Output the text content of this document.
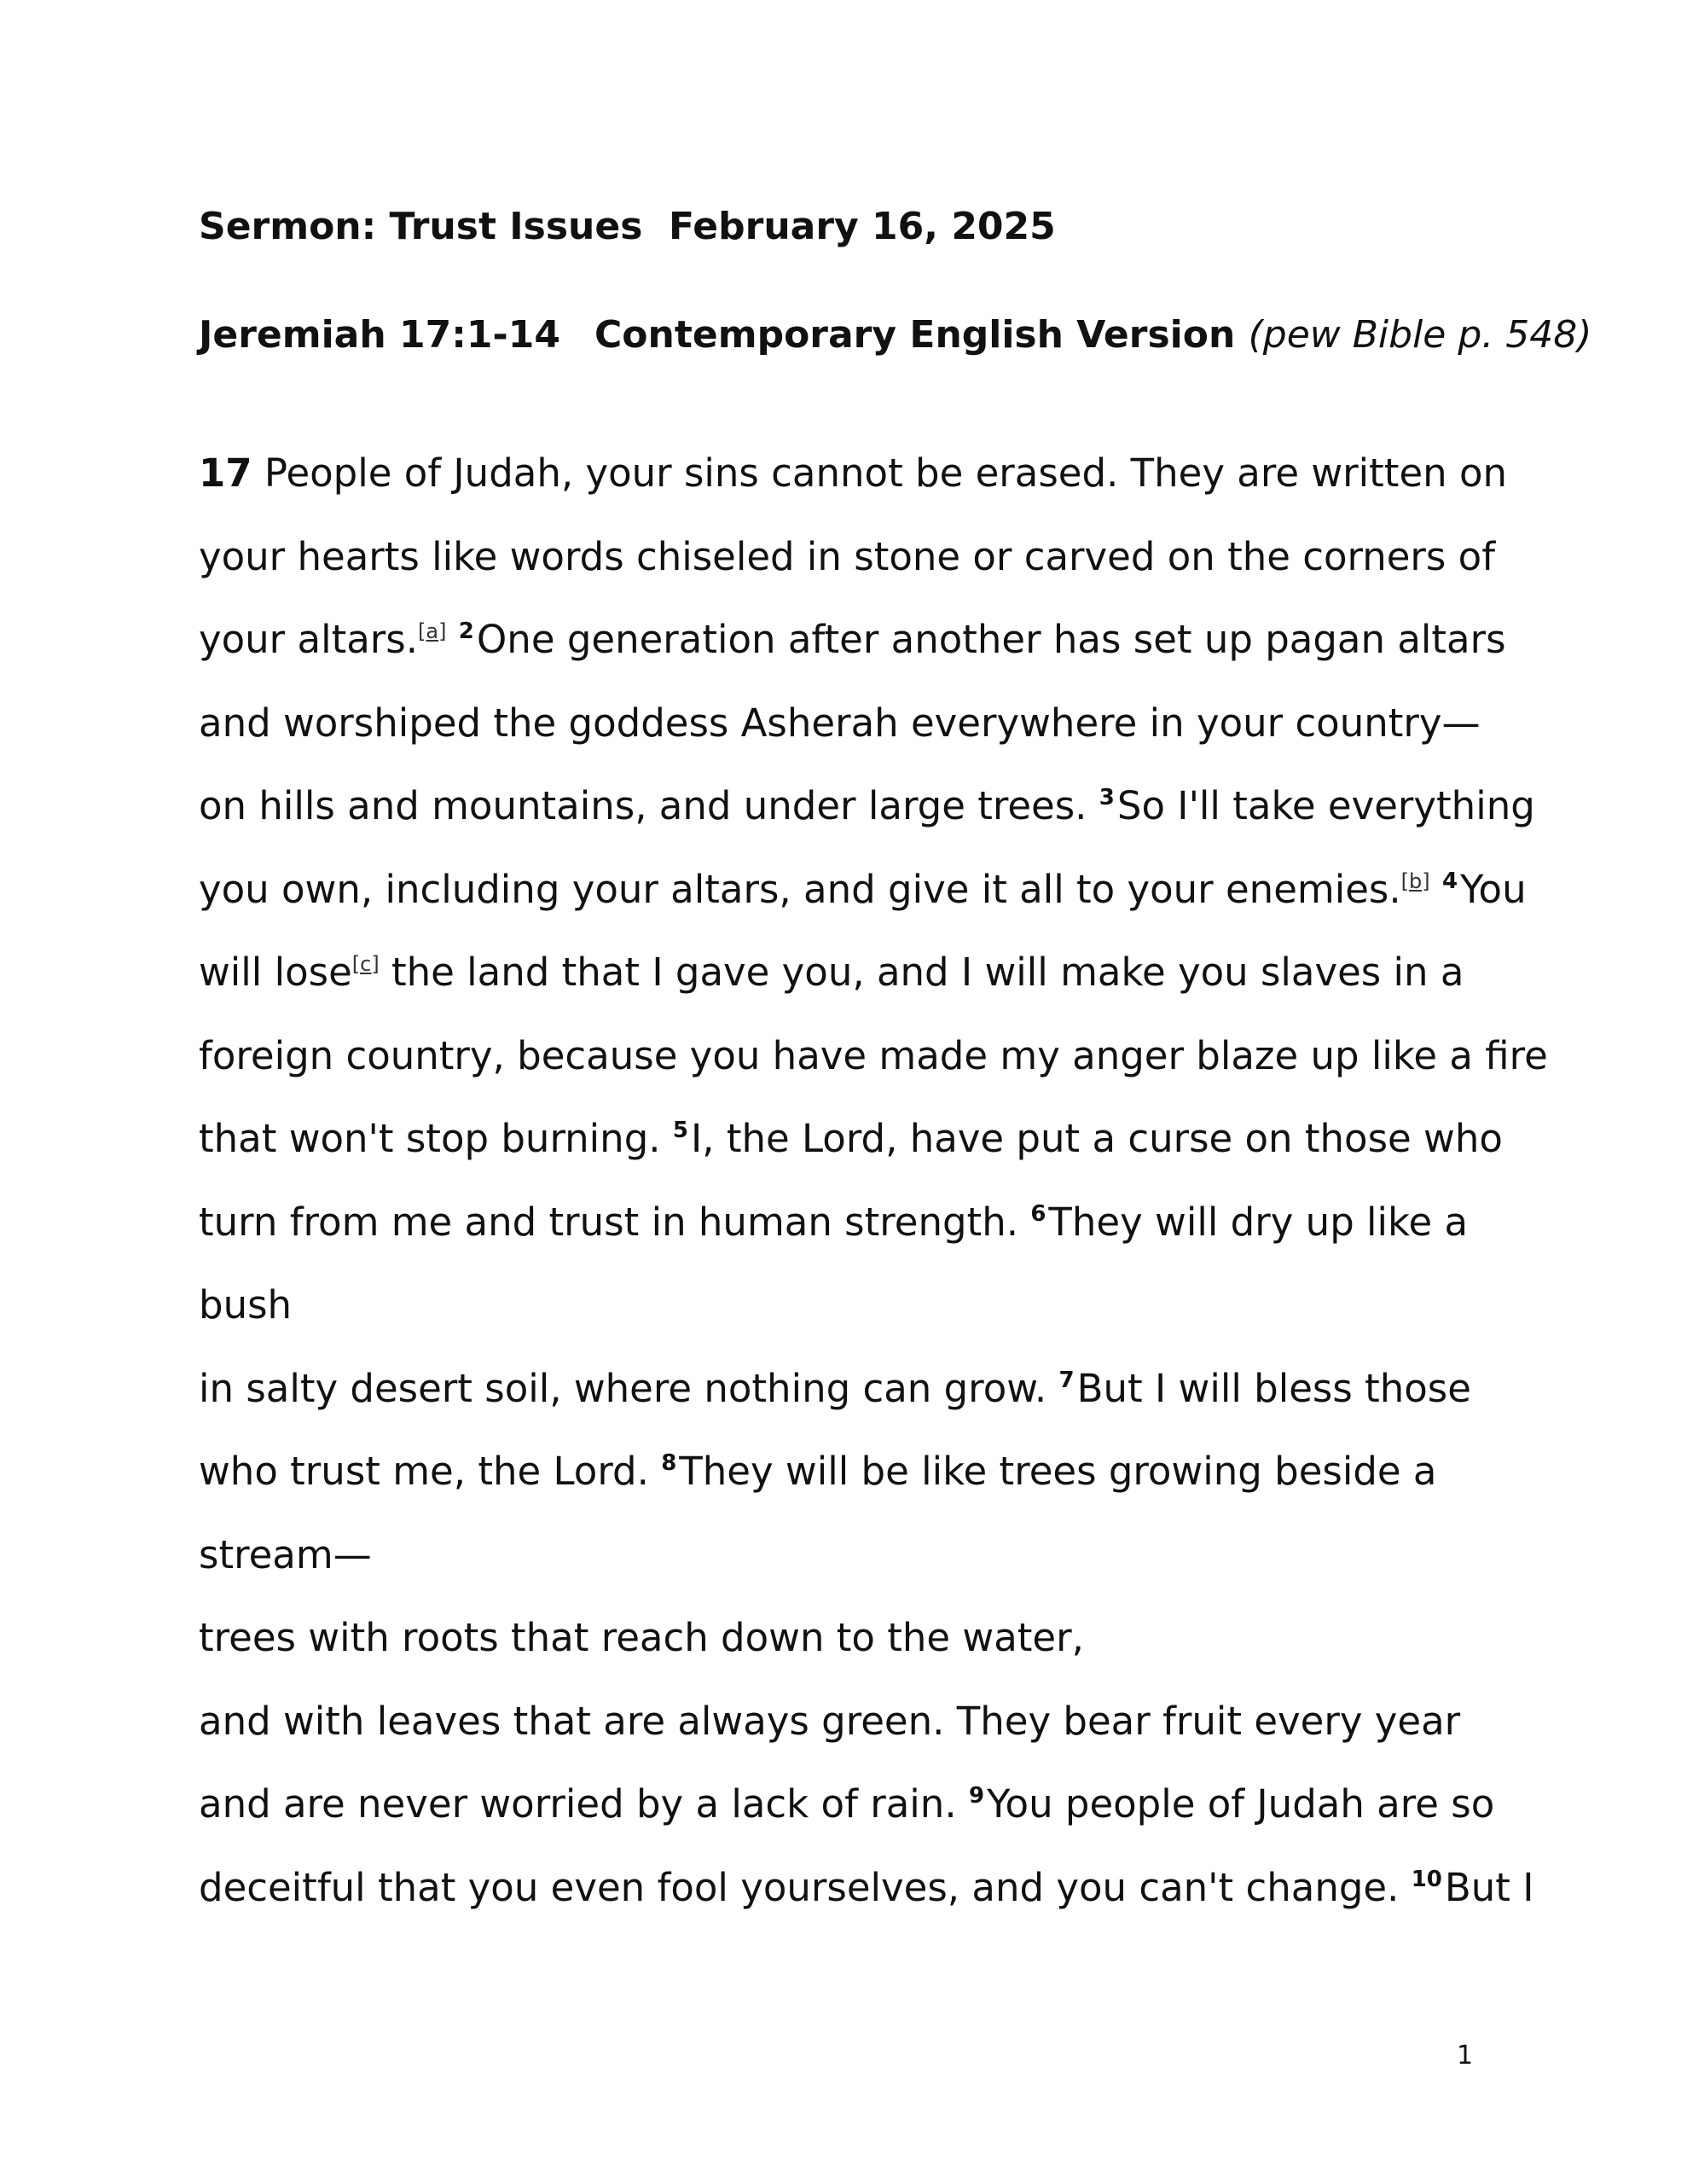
Sermon: Trust Issues  February 16, 2025

Jeremiah 17:1-14 Contemporary English Version (pew Bible p. 548)

17 People of Judah, your sins cannot be erased. They are written on
your hearts like words chiseled in stone or carved on the corners of
your altars.[a] $^2$One generation after another has set up pagan altars
and worshiped the goddess Asherah everywhere in your country—
on hills and mountains, and under large trees. $^3$So I'll take everything
you own, including your altars, and give it all to your enemies.[b] $^4$You
will lose[c] the land that I gave you, and I will make you slaves in a
foreign country, because you have made my anger blaze up like a fire
that won't stop burning. $^5$I, the Lord, have put a curse on those who
turn from me and trust in human strength. $^6$They will dry up like a
bush
in salty desert soil, where nothing can grow. $^7$But I will bless those
who trust me, the Lord. $^8$They will be like trees growing beside a
stream—
trees with roots that reach down to the water,
and with leaves that are always green. They bear fruit every year
and are never worried by a lack of rain. $^9$You people of Judah are so
deceitful that you even fool yourselves, and you can't change. $^{10}$But I
1
